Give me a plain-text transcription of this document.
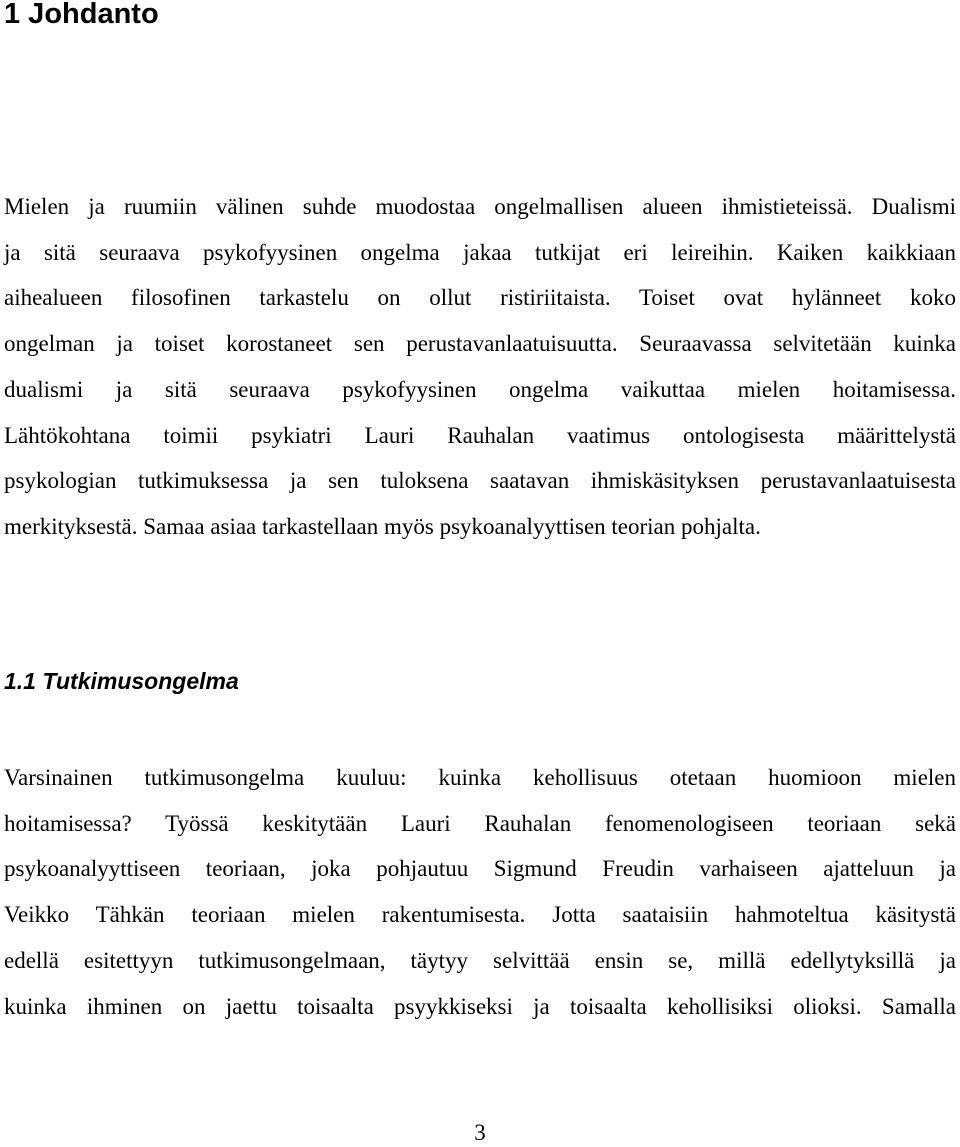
1 Johdanto

Mielen ja ruumiin välinen suhde muodostaa ongelmallisen alueen ihmistieteissä. Dualismi
ja sitä seuraava psykofyysinen ongelma jakaa tutkijat eri leireihin. Kaiken kaikkiaan
aihealueen filosofinen tarkastelu on ollut ristiriitaista. Toiset ovat hylänneet koko
ongelman ja toiset korostaneet sen perustavanlaatuisuutta. Seuraavassa selvitetään kuinka
dualismi ja sitä seuraava psykofyysinen ongelma vaikuttaa mielen hoitamisessa.
Lähtökohtana toimii psykiatri Lauri Rauhalan vaatimus ontologisesta määrittelystä
psykologian tutkimuksessa ja sen tuloksena saatavan ihmiskäsityksen perustavanlaatuisesta
merkityksestä. Samaa asiaa tarkastellaan myös psykoanalyyttisen teorian pohjalta.

1.1 Tutkimusongelma

Varsinainen tutkimusongelma kuuluu: kuinka kehollisuus otetaan huomioon mielen
hoitamisessa? Työssä keskitytään Lauri Rauhalan fenomenologiseen teoriaan sekä
psykoanalyyttiseen teoriaan, joka pohjautuu Sigmund Freudin varhaiseen ajatteluun ja
Veikko Tähkän teoriaan mielen rakentumisesta. Jotta saataisiin hahmoteltua käsitystä
edellä esitettyyn tutkimusongelmaan, täytyy selvittää ensin se, millä edellytyksillä ja
kuinka ihminen on jaettu toisaalta psyykkiseksi ja toisaalta kehollisiksi olioksi. Samalla

3
